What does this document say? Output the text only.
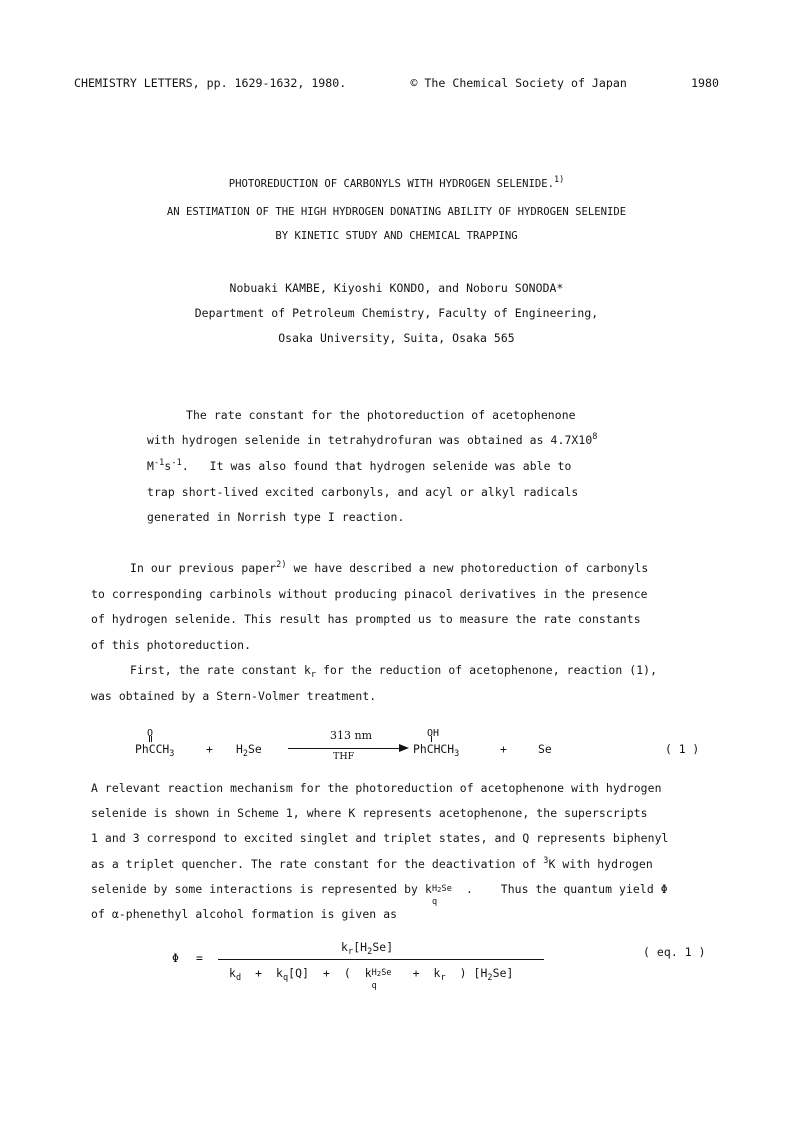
CHEMISTRY LETTERS, pp. 1629-1632, 1980.	© The Chemical Society of Japan	1980
PHOTOREDUCTION OF CARBONYLS WITH HYDROGEN SELENIDE.$^{1)}$
AN ESTIMATION OF THE HIGH HYDROGEN DONATING ABILITY OF HYDROGEN SELENIDE
BY KINETIC STUDY AND CHEMICAL TRAPPING
Nobuaki KAMBE, Kiyoshi KONDO, and Noboru SONODA*
Department of Petroleum Chemistry, Faculty of Engineering,
Osaka University, Suita, Osaka 565
The rate constant for the photoreduction of acetophenone
with hydrogen selenide in tetrahydrofuran was obtained as $4.7X10^8$
$M^{-1}s^{-1}$. It was also found that hydrogen selenide was able to
trap short-lived excited carbonyls, and acyl or alkyl radicals
generated in Norrish type I reaction.
In our previous paper$^{2)}$ we have described a new photoreduction of carbonyls
to corresponding carbinols without producing pinacol derivatives in the presence
of hydrogen selenide. This result has prompted us to measure the rate constants
of this photoreduction.
First, the rate constant $k_r$ for the reduction of acetophenone, reaction (1),
was obtained by a Stern-Volmer treatment.
O
PhCCH$_3$	+ $H_2Se$
313 nm
THF
OH
PhCHCH$_3$	+	Se	( 1 )
A relevant reaction mechanism for the photoreduction of acetophenone with hydrogen
selenide is shown in Scheme 1, where K represents acetophenone, the superscripts
1 and 3 correspond to excited singlet and triplet states, and Q represents biphenyl
as a triplet quencher. The rate constant for the deactivation of $^3$K with hydrogen
selenide by some interactions is represented by k $H_2Se$
q
.    Thus the quantum yield Φ
of α-phenethyl alcohol formation is given as
Φ =
$k_r[H_2Se]$
$k_d + k_q[Q]$  +  (  k $H_2Se$
q
+  $k_r$  ) $[H_2Se]$
( eq. 1 )
